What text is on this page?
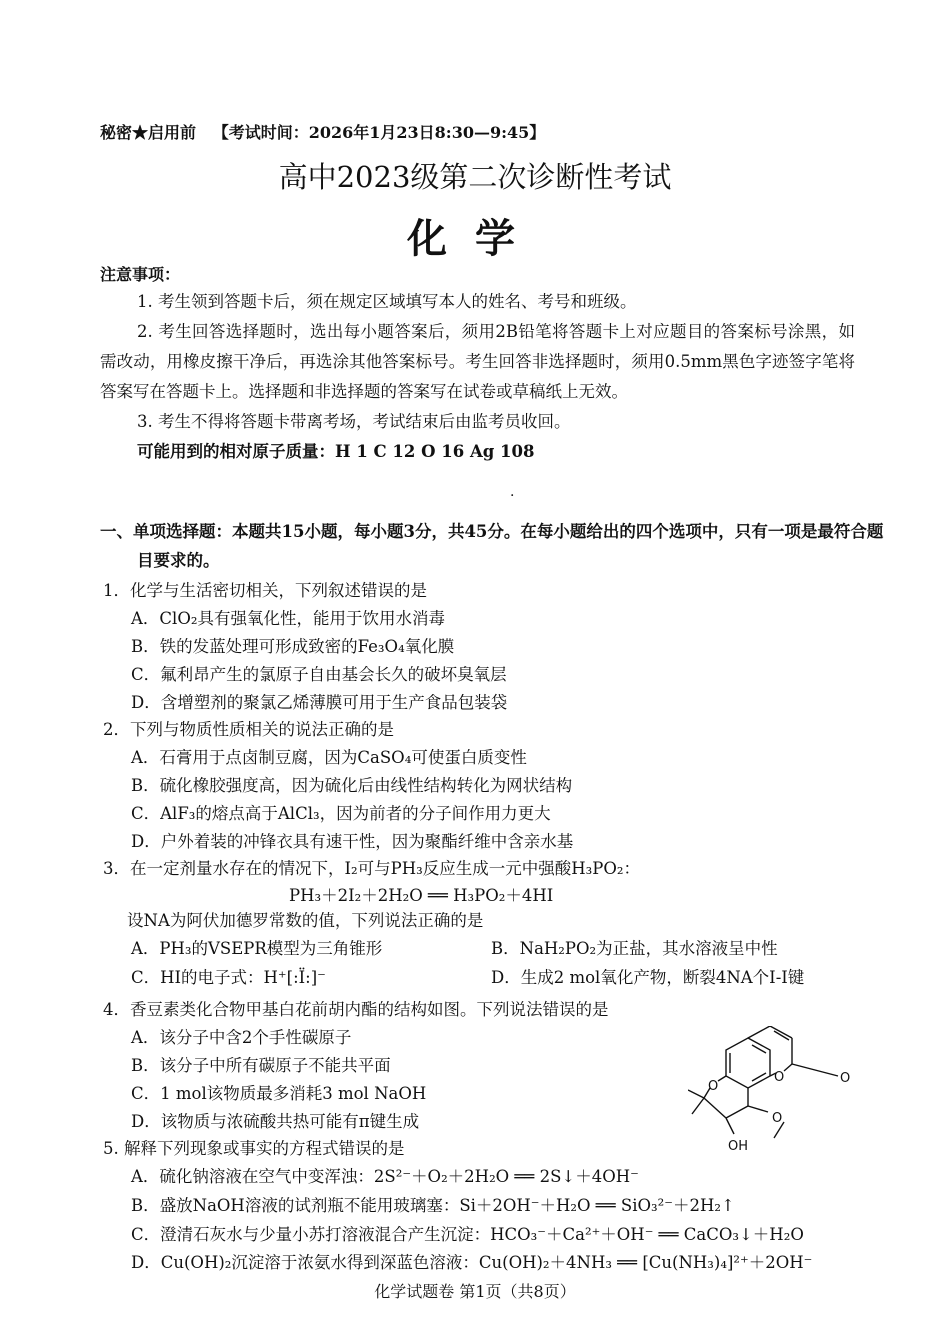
秘密★启用前 【考试时间：2026年1月23日8:30—9:45】
高中2023级第二次诊断性考试
化学
注意事项：
1. 考生领到答题卡后，须在规定区域填写本人的姓名、考号和班级。
2. 考生回答选择题时，选出每小题答案后，须用2B铅笔将答题卡上对应题目的答案标号涂黑，如需改动，用橡皮擦干净后，再选涂其他答案标号。考生回答非选择题时，须用0.5mm黑色字迹签字笔将答案写在答题卡上。选择题和非选择题的答案写在试卷或草稿纸上无效。
3. 考生不得将答题卡带离考场，考试结束后由监考员收回。
可能用到的相对原子质量：H 1 C 12 O 16 Ag 108
·
一、单项选择题：本题共15小题，每小题3分，共45分。在每小题给出的四个选项中，只有一项是最符合题目要求的。
1．化学与生活密切相关，下列叙述错误的是
A．ClO₂具有强氧化性，能用于饮用水消毒
B．铁的发蓝处理可形成致密的Fe₃O₄氧化膜
C．氟利昂产生的氯原子自由基会长久的破坏臭氧层
D．含增塑剂的聚氯乙烯薄膜可用于生产食品包装袋
2．下列与物质性质相关的说法正确的是
A．石膏用于点卤制豆腐，因为CaSO₄可使蛋白质变性
B．硫化橡胶强度高，因为硫化后由线性结构转化为网状结构
C．AlF₃的熔点高于AlCl₃，因为前者的分子间作用力更大
D．户外着装的冲锋衣具有速干性，因为聚酯纤维中含亲水基
3．在一定剂量水存在的情况下，I₂可与PH₃反应生成一元中强酸H₃PO₂：
PH₃＋2I₂＋2H₂O ══ H₃PO₂＋4HI
设NA为阿伏加德罗常数的值，下列说法正确的是
A．PH₃的VSEPR模型为三角锥形	B．NaH₂PO₂为正盐，其水溶液呈中性
C．HI的电子式：H⁺[:Ï:]⁻	D．生成2 mol氧化产物，断裂4NA个I-I键
4．香豆素类化合物甲基白花前胡内酯的结构如图。下列说法错误的是
A．该分子中含2个手性碳原子
B．该分子中所有碳原子不能共平面
C．1 mol该物质最多消耗3 mol NaOH
D．该物质与浓硫酸共热可能有π键生成
O
O	O
O
OH
5. 解释下列现象或事实的方程式错误的是
A．硫化钠溶液在空气中变浑浊：2S²⁻＋O₂＋2H₂O ══ 2S↓＋4OH⁻
B．盛放NaOH溶液的试剂瓶不能用玻璃塞：Si＋2OH⁻＋H₂O ══ SiO₃²⁻＋2H₂↑
C．澄清石灰水与少量小苏打溶液混合产生沉淀：HCO₃⁻＋Ca²⁺＋OH⁻ ══ CaCO₃↓＋H₂O
D．Cu(OH)₂沉淀溶于浓氨水得到深蓝色溶液：Cu(OH)₂＋4NH₃ ══ [Cu(NH₃)₄]²⁺＋2OH⁻
化学试题卷 第1页（共8页）
